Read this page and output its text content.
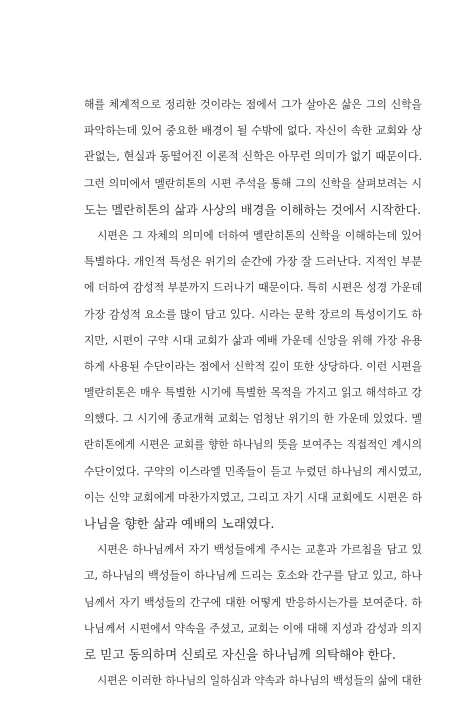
해를 체계적으로 정리한 것이라는 점에서 그가 살아온 삶은 그의 신학을
파악하는데 있어 중요한 배경이 될 수밖에 없다. 자신이 속한 교회와 상
관없는, 현실과 동떨어진 이론적 신학은 아무런 의미가 없기 때문이다.
그런 의미에서 멜란히톤의 시편 주석을 통해 그의 신학을 살펴보려는 시
도는 멜란히톤의 삶과 사상의 배경을 이해하는 것에서 시작한다.
시편은 그 자체의 의미에 더하여 멜란히톤의 신학을 이해하는데 있어
특별하다. 개인적 특성은 위기의 순간에 가장 잘 드러난다. 지적인 부분
에 더하여 감성적 부분까지 드러나기 때문이다. 특히 시편은 성경 가운데
가장 감성적 요소를 많이 담고 있다. 시라는 문학 장르의 특성이기도 하
지만, 시편이 구약 시대 교회가 삶과 예배 가운데 신앙을 위해 가장 유용
하게 사용된 수단이라는 점에서 신학적 깊이 또한 상당하다. 이런 시편을
멜란히톤은 매우 특별한 시기에 특별한 목적을 가지고 읽고 해석하고 강
의했다. 그 시기에 종교개혁 교회는 엄청난 위기의 한 가운데 있었다. 멜
란히톤에게 시편은 교회를 향한 하나님의 뜻을 보여주는 직접적인 계시의
수단이었다. 구약의 이스라엘 민족들이 듣고 누렸던 하나님의 계시였고,
이는 신약 교회에게 마찬가지였고, 그리고 자기 시대 교회에도 시편은 하
나님을 향한 삶과 예배의 노래였다.
시편은 하나님께서 자기 백성들에게 주시는 교훈과 가르침을 담고 있
고, 하나님의 백성들이 하나님께 드리는 호소와 간구를 담고 있고, 하나
님께서 자기 백성들의 간구에 대한 어떻게 반응하시는가를 보여준다. 하
나님께서 시편에서 약속을 주셨고, 교회는 이에 대해 지성과 감성과 의지
로 믿고 동의하며 신뢰로 자신을 하나님께 의탁해야 한다.
시편은 이러한 하나님의 일하심과 약속과 하나님의 백성들의 삶에 대한
